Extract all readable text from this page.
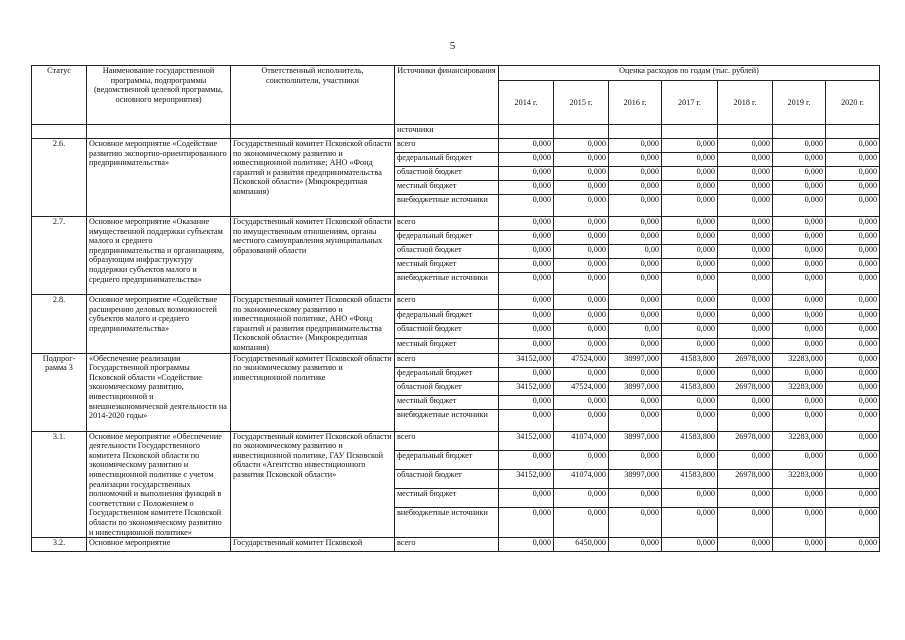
5
Статус	Наименование государственной программы, подпрограммы (ведомственной целевой программы, основного мероприятия)	Ответственный исполнитель, соисполнители, участники	Источники финансирования	Оценка расходов по годам (тыс. рублей)						
				2014 г.	2015 г.	2016 г.	2017 г.	2018 г.	2019 г.	2020 г.
			источники							
2.6.	Основное мероприятие «Содействие развитию экспортно-ориентированного предпринимательства»	Государственный комитет Псковской области по экономическому развитию и инвестиционной политике; АНО «Фонд гарантий и развития предпринимательства Псковской области» (Микрокредитная компания)	всего	0,000	0,000	0,000	0,000	0,000	0,000	0,000
			федеральный бюджет	0,000	0,000	0,000	0,000	0,000	0,000	0,000
			областной бюджет	0,000	0,000	0,000	0,000	0,000	0,000	0,000
			местный бюджет	0,000	0,000	0,000	0,000	0,000	0,000	0,000
			внебюджетные источники	0,000	0,000	0,000	0,000	0,000	0,000	0,000
2.7.	Основное мероприятие «Оказание имущественной поддержки субъектам малого и среднего предпринимательства и организациям, образующим инфраструктуру поддержки субъектов малого и среднего предпринимательства»	Государственный комитет Псковской области по имущественным отношениям, органы местного самоуправления муниципальных образований области	всего	0,000	0,000	0,000	0,000	0,000	0,000	0,000
			федеральный бюджет	0,000	0,000	0,000	0,000	0,000	0,000	0,000
			областной бюджет	0,000	0,000	0,00	0,000	0,000	0,000	0,000
			местный бюджет	0,000	0,000	0,000	0,000	0,000	0,000	0,000
			внебюджетные источники	0,000	0,000	0,000	0,000	0,000	0,000	0,000
2.8.	Основное мероприятие «Содействие расширению деловых возможностей субъектов малого и среднего предпринимательства»	Государственный комитет Псковской области по экономическому развитию и инвестиционной политике, АНО «Фонд гарантий и развития предпринимательства Псковской области» (Микрокредитная компания)	всего	0,000	0,000	0,000	0,000	0,000	0,000	0,000
			федеральный бюджет	0,000	0,000	0,000	0,000	0,000	0,000	0,000
			областной бюджет	0,000	0,000	0,00	0,000	0,000	0,000	0,000
			местный бюджет	0,000	0,000	0,000	0,000	0,000	0,000	0,000
Подпрог-рамма 3	«Обеспечение реализации Государственной программы Псковской области «Содействие экономическому развитию, инвестиционной и внешнеэкономической деятельности на 2014-2020 годы»	Государственный комитет Псковской области по экономическому развитию и инвестиционной политике	всего	34152,000	47524,000	38997,000	41583,800	26978,000	32283,000	0,000
			федеральный бюджет	0,000	0,000	0,000	0,000	0,000	0,000	0,000
			областной бюджет	34152,000	47524,000	38997,000	41583,800	26978,000	32283,000	0,000
			местный бюджет	0,000	0,000	0,000	0,000	0,000	0,000	0,000
			внебюджетные источники	0,000	0,000	0,000	0,000	0,000	0,000	0,000
3.1.	Основное мероприятие «Обеспечение деятельности Государственного комитета Псковской области по экономическому развитию и инвестиционной политике с учетом реализации государственных полномочий и выполнения функций в соответствии с Положением о Государственном комитете Псковской области по экономическому развитию и инвестиционной политике»	Государственный комитет Псковской области по экономическому развитию и инвестиционной политике, ГАУ Псковской области «Агентство инвестиционного развития Псковской области»	всего	34152,000	41074,000	38997,000	41583,800	26978,000	32283,000	0,000
			федеральный бюджет	0,000	0,000	0,000	0,000	0,000	0,000	0,000
			областной бюджет	34152,000	41074,000	38997,000	41583,800	26978,000	32283,000	0,000
			местный бюджет	0,000	0,000	0,000	0,000	0,000	0,000	0,000
			внебюджетные источники	0,000	0,000	0,000	0,000	0,000	0,000	0,000
3.2.	Основное мероприятие	Государственный комитет Псковской	всего	0,000	6450,000	0,000	0,000	0,000	0,000	0,000
